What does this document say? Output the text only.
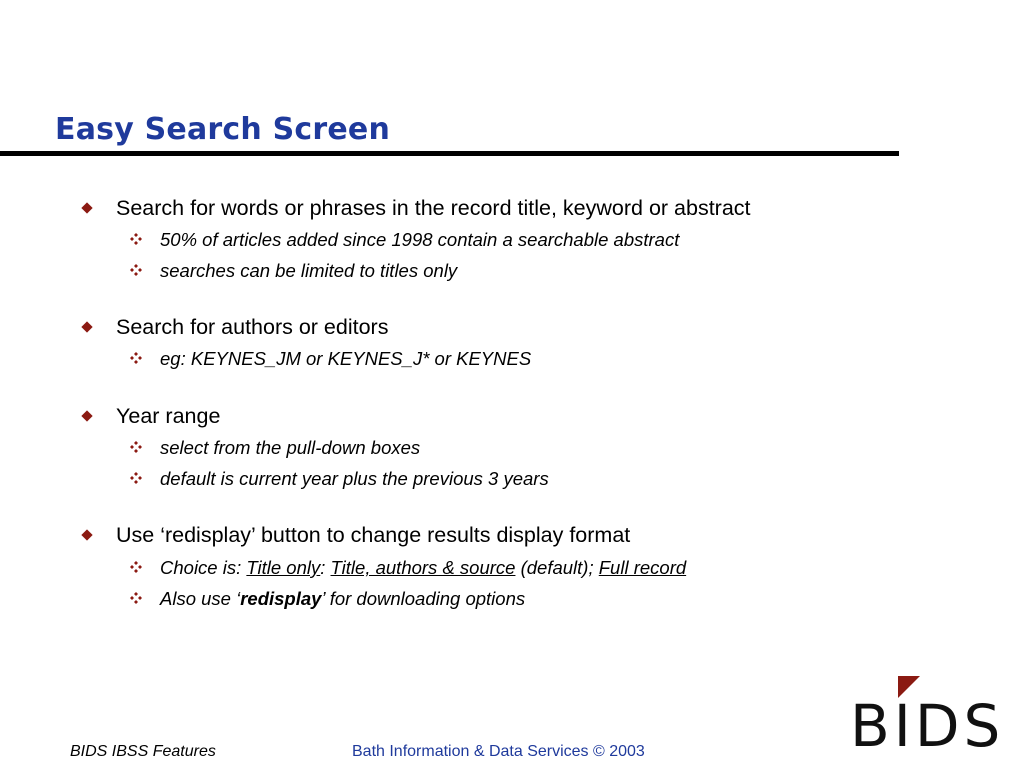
Easy Search Screen
Search for words or phrases in the record title, keyword or abstract
50% of articles added since 1998 contain a searchable abstract
searches can be limited to titles only
Search for authors or editors
eg: KEYNES_JM or KEYNES_J* or KEYNES
Year range
select from the pull-down boxes
default is current year plus the previous 3 years
Use ‘redisplay’ button to change results display format
Choice is: Title only: Title, authors & source (default); Full record
Also use ‘redisplay’ for downloading options
BIDS IBSS Features	Bath Information & Data Services © 2003	BIDS
